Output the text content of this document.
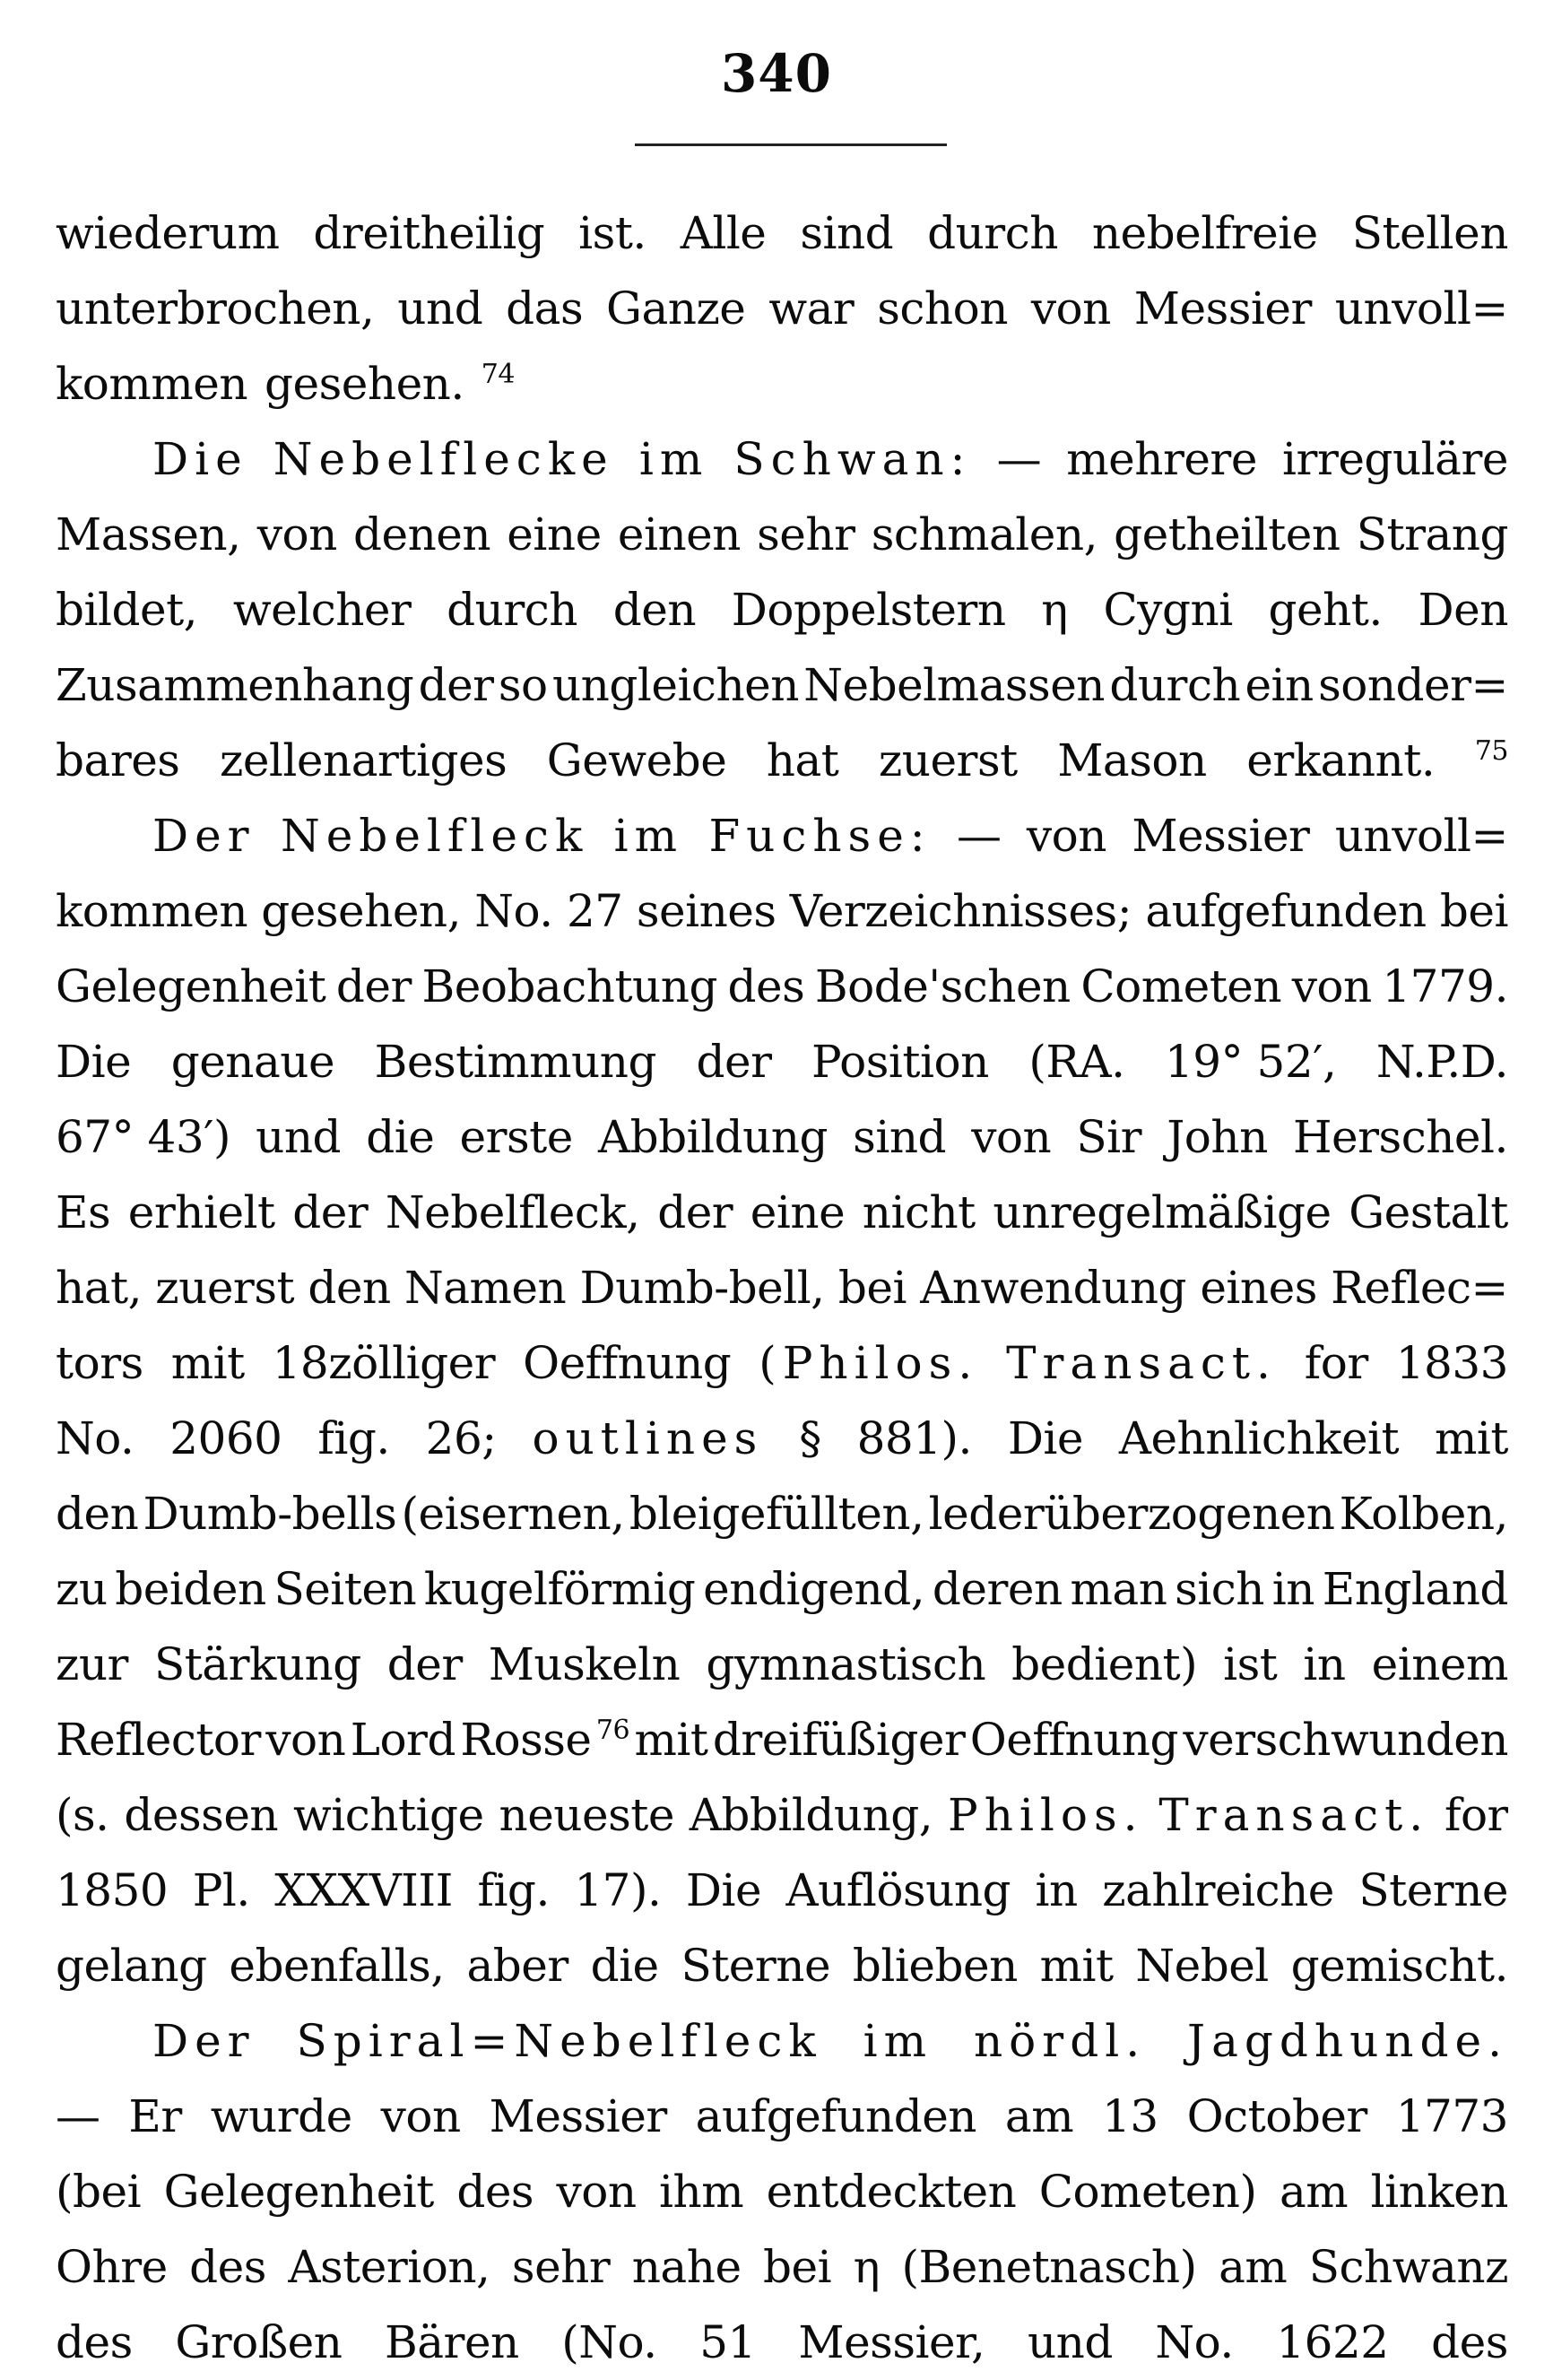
340
wiederum dreitheilig ist. Alle sind durch nebelfreie Stellen
unterbrochen, und das Ganze war schon von Messier unvoll=
kommen gesehen. 74
Die Nebelflecke im Schwan: — mehrere irreguläre
Massen, von denen eine einen sehr schmalen, getheilten Strang
bildet, welcher durch den Doppelstern η Cygni geht. Den
Zusammenhang der so ungleichen Nebelmassen durch ein sonder=
bares zellenartiges Gewebe hat zuerst Mason erkannt. 75
Der Nebelfleck im Fuchse: — von Messier unvoll=
kommen gesehen, No. 27 seines Verzeichnisses; aufgefunden bei
Gelegenheit der Beobachtung des Bode'schen Cometen von 1779.
Die genaue Bestimmung der Position (RA. 19° 52′, N.P.D.
67° 43′) und die erste Abbildung sind von Sir John Herschel.
Es erhielt der Nebelfleck, der eine nicht unregelmäßige Gestalt
hat, zuerst den Namen Dumb-bell, bei Anwendung eines Reflec=
tors mit 18zölliger Oeffnung (Philos. Transact. for 1833
No. 2060 fig. 26; outlines § 881). Die Aehnlichkeit mit
den Dumb-bells (eisernen, bleigefüllten, lederüberzogenen Kolben,
zu beiden Seiten kugelförmig endigend, deren man sich in England
zur Stärkung der Muskeln gymnastisch bedient) ist in einem
Reflector von Lord Rosse 76 mit dreifüßiger Oeffnung verschwunden
(s. dessen wichtige neueste Abbildung, Philos. Transact. for
1850 Pl. XXXVIII fig. 17). Die Auflösung in zahlreiche Sterne
gelang ebenfalls, aber die Sterne blieben mit Nebel gemischt.
Der Spiral=Nebelfleck im nördl. Jagdhunde.
— Er wurde von Messier aufgefunden am 13 October 1773
(bei Gelegenheit des von ihm entdeckten Cometen) am linken
Ohre des Asterion, sehr nahe bei η (Benetnasch) am Schwanz
des Großen Bären (No. 51 Messier, und No. 1622 des
